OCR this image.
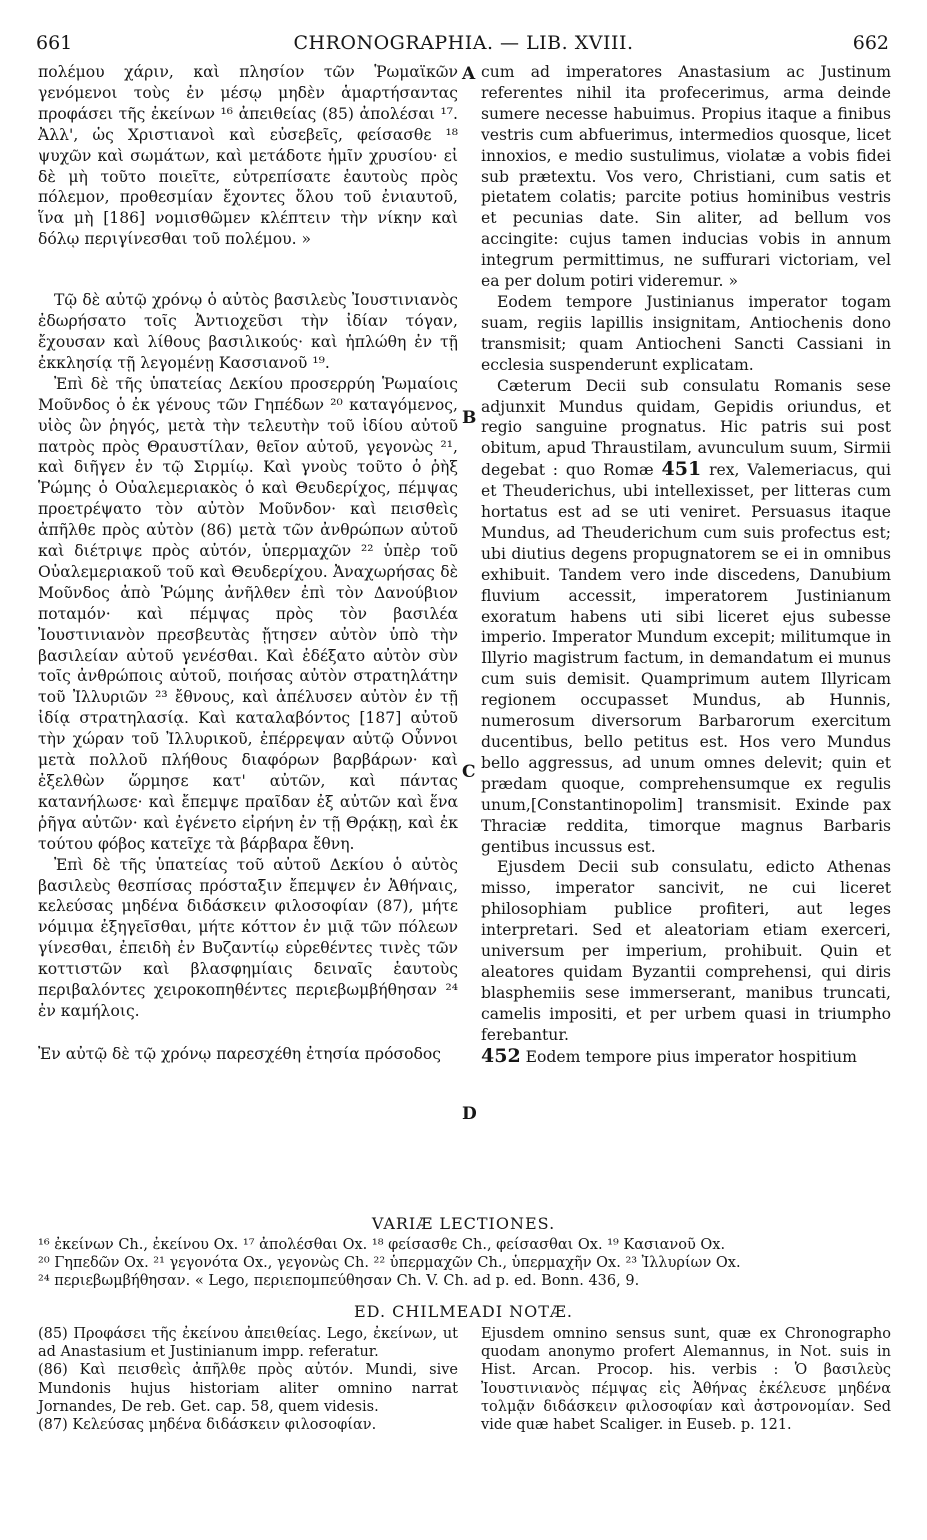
661	CHRONOGRAPHIA. — LIB. XVIII.	662
A
B
C
D

πολέμου χάριν, καὶ πλησίον τῶν Ῥωμαϊκῶν γενόμενοι τοὺς ἐν μέσῳ μηδὲν ἁμαρτήσαντας προφάσει τῆς ἐκείνων ¹⁶ ἀπειθείας (85) ἀπολέσαι ¹⁷. Ἀλλ', ὡς Χριστιανοὶ καὶ εὐσεβεῖς, φείσασθε ¹⁸ ψυχῶν καὶ σωμάτων, καὶ μετάδοτε ἡμῖν χρυσίου· εἰ δὲ μὴ τοῦτο ποιεῖτε, εὐτρεπίσατε ἑαυτοὺς πρὸς πόλεμον, προθεσμίαν ἔχοντες ὅλου τοῦ ἐνιαυτοῦ, ἵνα μὴ [186] νομισθῶμεν κλέπτειν τὴν νίκην καὶ δόλῳ περιγίνεσθαι τοῦ πολέμου. »

Τῷ δὲ αὐτῷ χρόνῳ ὁ αὐτὸς βασιλεὺς Ἰουστινιανὸς ἐδωρήσατο τοῖς Ἀντιοχεῦσι τὴν ἰδίαν τόγαν, ἔχουσαν καὶ λίθους βασιλικούς· καὶ ἡπλώθη ἐν τῇ ἐκκλησίᾳ τῇ λεγομένῃ Κασσιανοῦ ¹⁹.

Ἐπὶ δὲ τῆς ὑπατείας Δεκίου προσερρύη Ῥωμαίοις Μοῦνδος ὁ ἐκ γένους τῶν Γηπέδων ²⁰ καταγόμενος, υἱὸς ὢν ῥηγός, μετὰ τὴν τελευτὴν τοῦ ἰδίου αὐτοῦ πατρὸς πρὸς Θραυστίλαν, θεῖον αὐτοῦ, γεγονὼς ²¹, καὶ διῆγεν ἐν τῷ Σιρμίῳ. Καὶ γνοὺς τοῦτο ὁ ῥὴξ Ῥώμης ὁ Οὐαλεμεριακὸς ὁ καὶ Θευδερίχος, πέμψας προετρέψατο τὸν αὐτὸν Μοῦνδον· καὶ πεισθεὶς ἀπῆλθε πρὸς αὐτὸν (86) μετὰ τῶν ἀνθρώπων αὐτοῦ καὶ διέτριψε πρὸς αὐτόν, ὑπερμαχῶν ²² ὑπὲρ τοῦ Οὐαλεμεριακοῦ τοῦ καὶ Θευδερίχου. Ἀναχωρήσας δὲ Μοῦνδος ἀπὸ Ῥώμης ἀνῆλθεν ἐπὶ τὸν Δανούβιον ποταμόν· καὶ πέμψας πρὸς τὸν βασιλέα Ἰουστινιανὸν πρεσβευτὰς ᾔτησεν αὐτὸν ὑπὸ τὴν βασιλείαν αὐτοῦ γενέσθαι. Καὶ ἐδέξατο αὐτὸν σὺν τοῖς ἀνθρώποις αὐτοῦ, ποιήσας αὐτὸν στρατηλάτην τοῦ Ἰλλυριῶν ²³ ἔθνους, καὶ ἀπέλυσεν αὐτὸν ἐν τῇ ἰδίᾳ στρατηλασίᾳ. Καὶ καταλαβόντος [187] αὐτοῦ τὴν χώραν τοῦ Ἰλλυρικοῦ, ἐπέρρεψαν αὐτῷ Οὖννοι μετὰ πολλοῦ πλήθους διαφόρων βαρβάρων· καὶ ἐξελθὼν ὥρμησε κατ' αὐτῶν, καὶ πάντας κατανήλωσε· καὶ ἔπεμψε πραῖδαν ἐξ αὐτῶν καὶ ἕνα ῥῆγα αὐτῶν· καὶ ἐγένετο εἰρήνη ἐν τῇ Θρᾴκῃ, καὶ ἐκ τούτου φόβος κατεῖχε τὰ βάρβαρα ἔθνη.

Ἐπὶ δὲ τῆς ὑπατείας τοῦ αὐτοῦ Δεκίου ὁ αὐτὸς βασιλεὺς θεσπίσας πρόσταξιν ἔπεμψεν ἐν Ἀθήναις, κελεύσας μηδένα διδάσκειν φιλοσοφίαν (87), μήτε νόμιμα ἐξηγεῖσθαι, μήτε κόττον ἐν μιᾷ τῶν πόλεων γίνεσθαι, ἐπειδὴ ἐν Βυζαντίῳ εὑρεθέντες τινὲς τῶν κοττιστῶν καὶ βλασφημίαις δειναῖς ἑαυτοὺς περιβαλόντες χειροκοπηθέντες περιεβωμβήθησαν ²⁴ ἐν καμήλοις.

Ἐν αὐτῷ δὲ τῷ χρόνῳ παρεσχέθη ἐτησία πρόσοδος

cum ad imperatores Anastasium ac Justinum referentes nihil ita profecerimus, arma deinde sumere necesse habuimus. Propius itaque a finibus vestris cum abfuerimus, intermedios quosque, licet innoxios, e medio sustulimus, violatæ a vobis fidei sub prætextu. Vos vero, Christiani, cum satis et pietatem colatis; parcite potius hominibus vestris et pecunias date. Sin aliter, ad bellum vos accingite: cujus tamen inducias vobis in annum integrum permittimus, ne suffurari victoriam, vel ea per dolum potiri videremur. »

Eodem tempore Justinianus imperator togam suam, regiis lapillis insignitam, Antiochenis dono transmisit; quam Antiocheni Sancti Cassiani in ecclesia suspenderunt explicatam.

Cæterum Decii sub consulatu Romanis sese adjunxit Mundus quidam, Gepidis oriundus, et regio sanguine prognatus. Hic patris sui post obitum, apud Thraustilam, avunculum suum, Sirmii degebat : quo Romæ 451 rex, Valemeriacus, qui et Theuderichus, ubi intellexisset, per litteras cum hortatus est ad se uti veniret. Persuasus itaque Mundus, ad Theuderichum cum suis profectus est; ubi diutius degens propugnatorem se ei in omnibus exhibuit. Tandem vero inde discedens, Danubium fluvium accessit, imperatorem Justinianum exoratum habens uti sibi liceret ejus subesse imperio. Imperator Mundum excepit; militumque in Illyrio magistrum factum, in demandatum ei munus cum suis demisit. Quamprimum autem Illyricam regionem occupasset Mundus, ab Hunnis, numerosum diversorum Barbarorum exercitum ducentibus, bello petitus est. Hos vero Mundus bello aggressus, ad unum omnes delevit; quin et prædam quoque, comprehensumque ex regulis unum,[Constantinopolim] transmisit. Exinde pax Thraciæ reddita, timorque magnus Barbaris gentibus incussus est.

Ejusdem Decii sub consulatu, edicto Athenas misso, imperator sancivit, ne cui liceret philosophiam publice profiteri, aut leges interpretari. Sed et aleatoriam etiam exerceri, universum per imperium, prohibuit. Quin et aleatores quidam Byzantii comprehensi, qui diris blasphemiis sese immerserant, manibus truncati, camelis impositi, et per urbem quasi in triumpho ferebantur.

452 Eodem tempore pius imperator hospitium

VARIÆ LECTIONES.
¹⁶ ἐκείνων Ch., ἐκείνου Ox. ¹⁷ ἀπολέσθαι Ox. ¹⁸ φείσασθε Ch., φείσασθαι Ox. ¹⁹ Κασιανοῦ Ox.
²⁰ Γηπεδῶν Ox. ²¹ γεγονότα Ox., γεγονὼς Ch. ²² ὑπερμαχῶν Ch., ὑπερμαχῆν Ox. ²³ Ἰλλυρίων Ox.
²⁴ περιεβωμβήθησαν. « Lego, περιεπομπεύθησαν Ch. V. Ch. ad p. ed. Bonn. 436, 9.
ED. CHILMEADI NOTÆ.

(85) Προφάσει τῆς ἐκείνου ἀπειθείας. Lego, ἐκείνων, ut ad Anastasium et Justinianum impp. referatur.

(86) Καὶ πεισθεὶς ἀπῆλθε πρὸς αὐτόν. Mundi, sive Mundonis hujus historiam aliter omnino narrat Jornandes, De reb. Get. cap. 58, quem videsis.

(87) Κελεύσας μηδένα διδάσκειν φιλοσοφίαν.

Ejusdem omnino sensus sunt, quæ ex Chronographo quodam anonymo profert Alemannus, in Not. suis in Hist. Arcan. Procop. his. verbis : Ὁ βασιλεὺς Ἰουστινιανὸς πέμψας εἰς Ἀθήνας ἐκέλευσε μηδένα τολμᾷν διδάσκειν φιλοσοφίαν καὶ ἀστρονομίαν. Sed vide quæ habet Scaliger. in Euseb. p. 121.
